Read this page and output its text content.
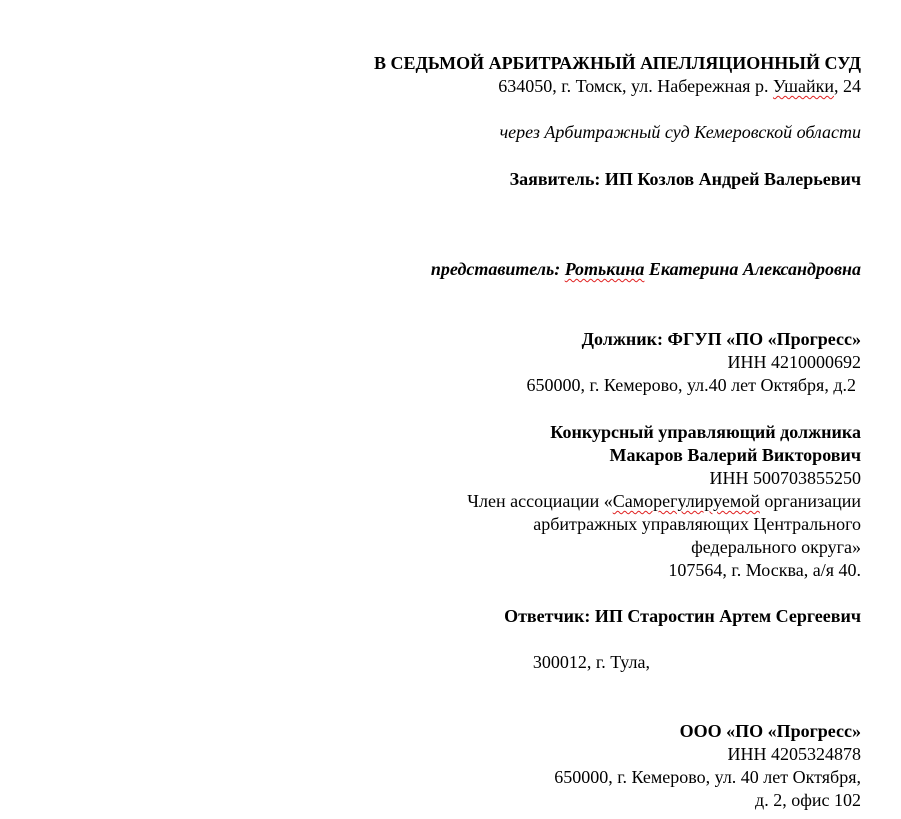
В СЕДЬМОЙ АРБИТРАЖНЫЙ АПЕЛЛЯЦИОННЫЙ СУД
634050, г. Томск, ул. Набережная р. Ушайки, 24
через Арбитражный суд Кемеровской области
Заявитель: ИП Козлов Андрей Валерьевич
представитель: Ротькина Екатерина Александровна
Должник: ФГУП «ПО «Прогресс»
ИНН 4210000692
650000, г. Кемерово, ул.40 лет Октября, д.2
Конкурсный управляющий должника
Макаров Валерий Викторович
ИНН 500703855250
Член ассоциации «Саморегулируемой организации
арбитражных управляющих Центрального
федерального округа»
107564, г. Москва, а/я 40.
Ответчик: ИП Старостин Артем Сергеевич
300012, г. Тула,
ООО «ПО «Прогресс»
ИНН 4205324878
650000, г. Кемерово, ул. 40 лет Октября,
д. 2, офис 102
